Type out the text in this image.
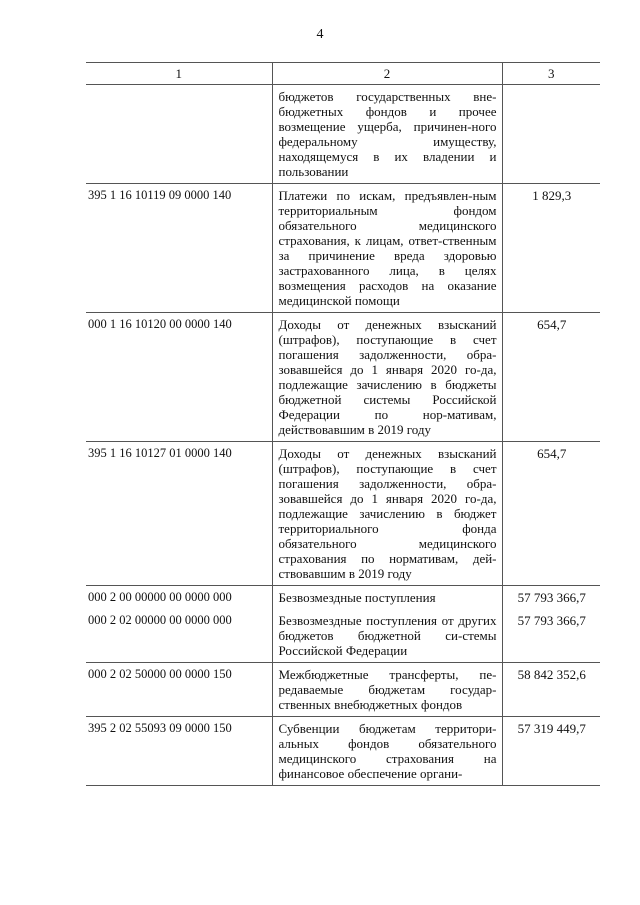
4
1	2	3
	бюджетов государственных вне-бюджетных фондов и прочее возмещение ущерба, причинен-ного федеральному имуществу, находящемуся в их владении и пользовании	
395 1 16 10119 09 0000 140	Платежи по искам, предъявлен-ным территориальным фондом обязательного медицинского страхования, к лицам, ответ-ственным за причинение вреда здоровью застрахованного лица, в целях возмещения расходов на оказание медицинской помощи	1 829,3
000 1 16 10120 00 0000 140	Доходы от денежных взысканий (штрафов), поступающие в счет погашения задолженности, обра-зовавшейся до 1 января 2020 го-да, подлежащие зачислению в бюджеты бюджетной системы Российской Федерации по нор-мативам, действовавшим в 2019 году	654,7
395 1 16 10127 01 0000 140	Доходы от денежных взысканий (штрафов), поступающие в счет погашения задолженности, обра-зовавшейся до 1 января 2020 го-да, подлежащие зачислению в бюджет территориального фонда обязательного медицинского страхования по нормативам, дей-ствовавшим в 2019 году	654,7
000 2 00 00000 00 0000 000	Безвозмездные поступления	57 793 366,7
000 2 02 00000 00 0000 000	Безвозмездные поступления от других бюджетов бюджетной си-стемы Российской Федерации	57 793 366,7
000 2 02 50000 00 0000 150	Межбюджетные трансферты, пе-редаваемые бюджетам государ-ственных внебюджетных фондов	58 842 352,6
395 2 02 55093 09 0000 150	Субвенции бюджетам территори-альных фондов обязательного медицинского страхования на финансовое обеспечение органи-	57 319 449,7
